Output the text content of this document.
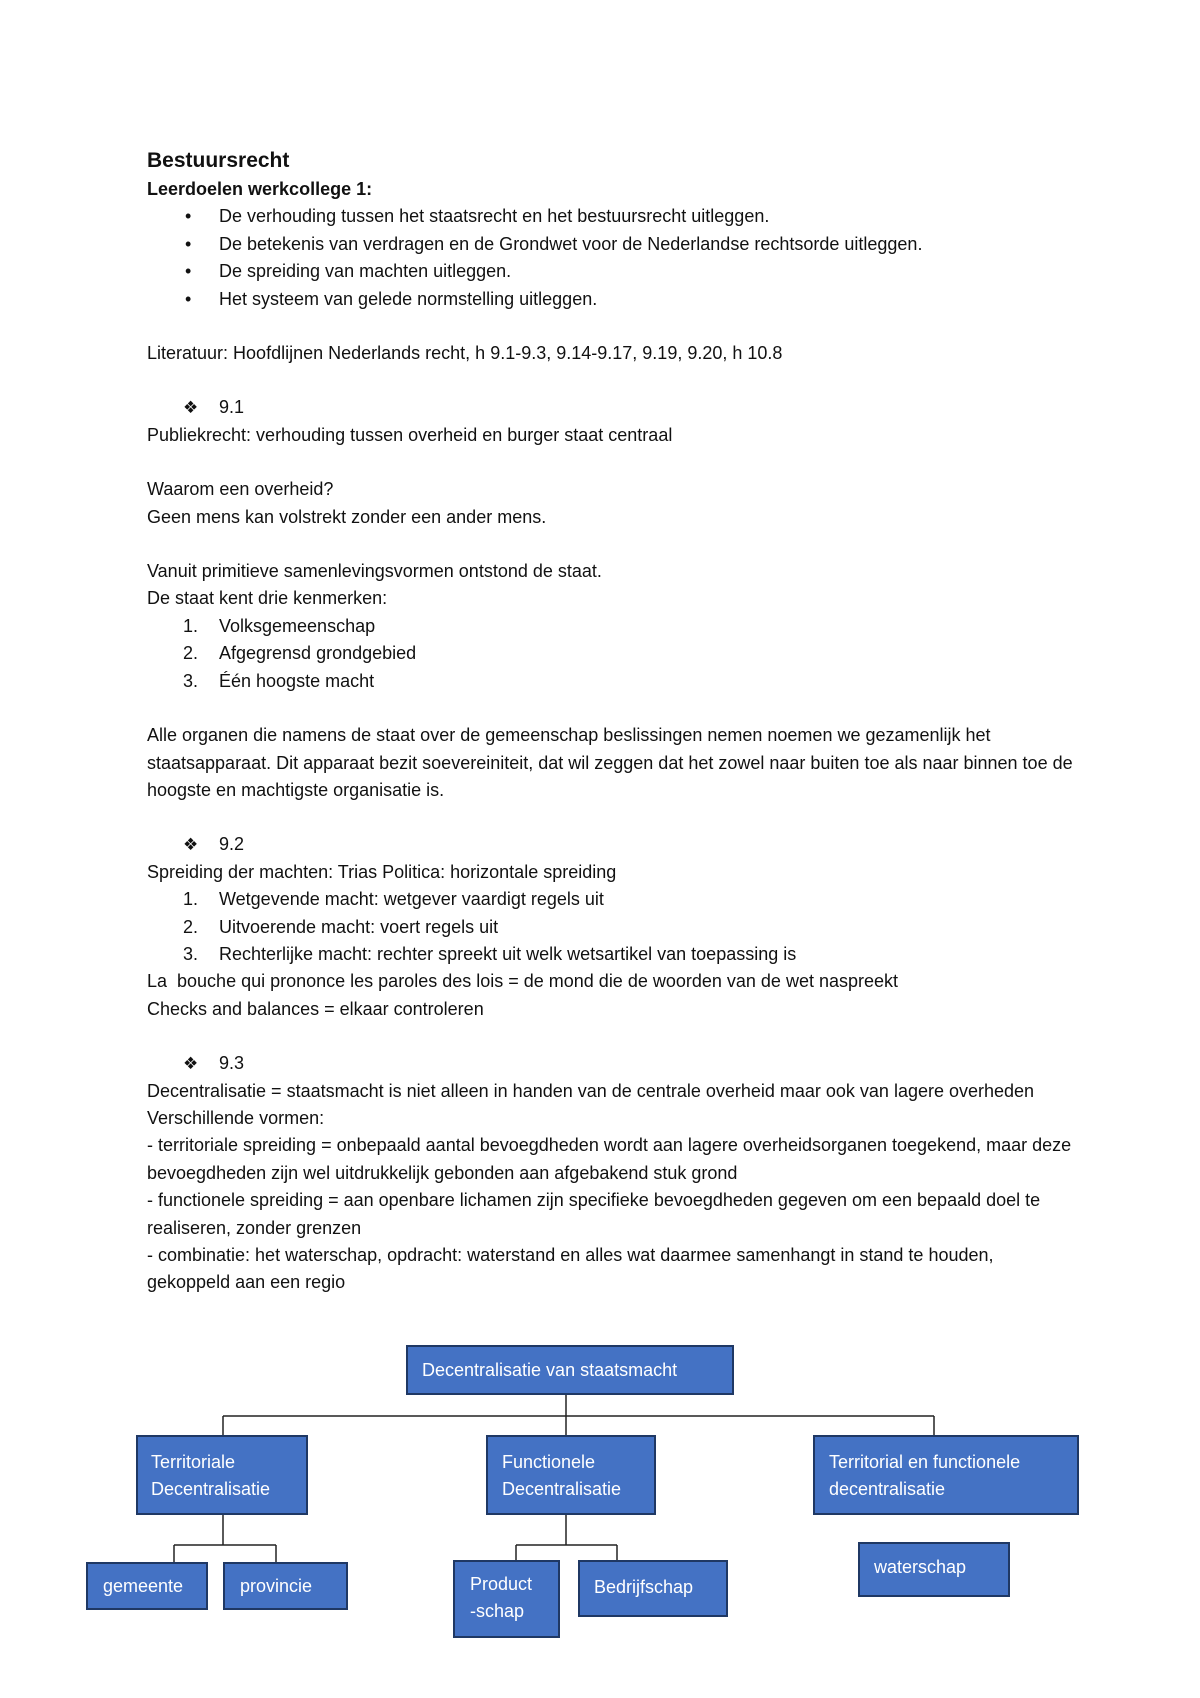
Bestuursrecht

Leerdoelen werkcollege 1:

• De verhouding tussen het staatsrecht en het bestuursrecht uitleggen.
• De betekenis van verdragen en de Grondwet voor de Nederlandse rechtsorde uitleggen.
• De spreiding van machten uitleggen.
• Het systeem van gelede normstelling uitleggen.

Literatuur: Hoofdlijnen Nederlands recht, h 9.1-9.3, 9.14-9.17, 9.19, 9.20, h 10.8

❖ 9.1

Publiekrecht: verhouding tussen overheid en burger staat centraal

Waarom een overheid?

Geen mens kan volstrekt zonder een ander mens.

Vanuit primitieve samenlevingsvormen ontstond de staat.

De staat kent drie kenmerken:

1. Volksgemeenschap
2. Afgegrensd grondgebied
3. Één hoogste macht

Alle organen die namens de staat over de gemeenschap beslissingen nemen noemen we gezamenlijk het staatsapparaat. Dit apparaat bezit soevereiniteit, dat wil zeggen dat het zowel naar buiten toe als naar binnen toe de hoogste en machtigste organisatie is.

❖ 9.2

Spreiding der machten: Trias Politica: horizontale spreiding

1. Wetgevende macht: wetgever vaardigt regels uit
2. Uitvoerende macht: voert regels uit
3. Rechterlijke macht: rechter spreekt uit welk wetsartikel van toepassing is

La  bouche qui prononce les paroles des lois = de mond die de woorden van de wet naspreekt

Checks and balances = elkaar controleren

❖ 9.3

Decentralisatie = staatsmacht is niet alleen in handen van de centrale overheid maar ook van lagere overheden

Verschillende vormen:

- territoriale spreiding = onbepaald aantal bevoegdheden wordt aan lagere overheidsorganen toegekend, maar deze bevoegdheden zijn wel uitdrukkelijk gebonden aan afgebakend stuk grond

- functionele spreiding = aan openbare lichamen zijn specifieke bevoegdheden gegeven om een bepaald doel te realiseren, zonder grenzen

- combinatie: het waterschap, opdracht: waterstand en alles wat daarmee samenhangt in stand te houden, gekoppeld aan een regio

Decentralisatie van staatsmacht
Territoriale Decentralisatie
Functionele Decentralisatie
Territorial en functionele decentralisatie
gemeente	provincie	Product -schap
Bedrijfschap
waterschap
